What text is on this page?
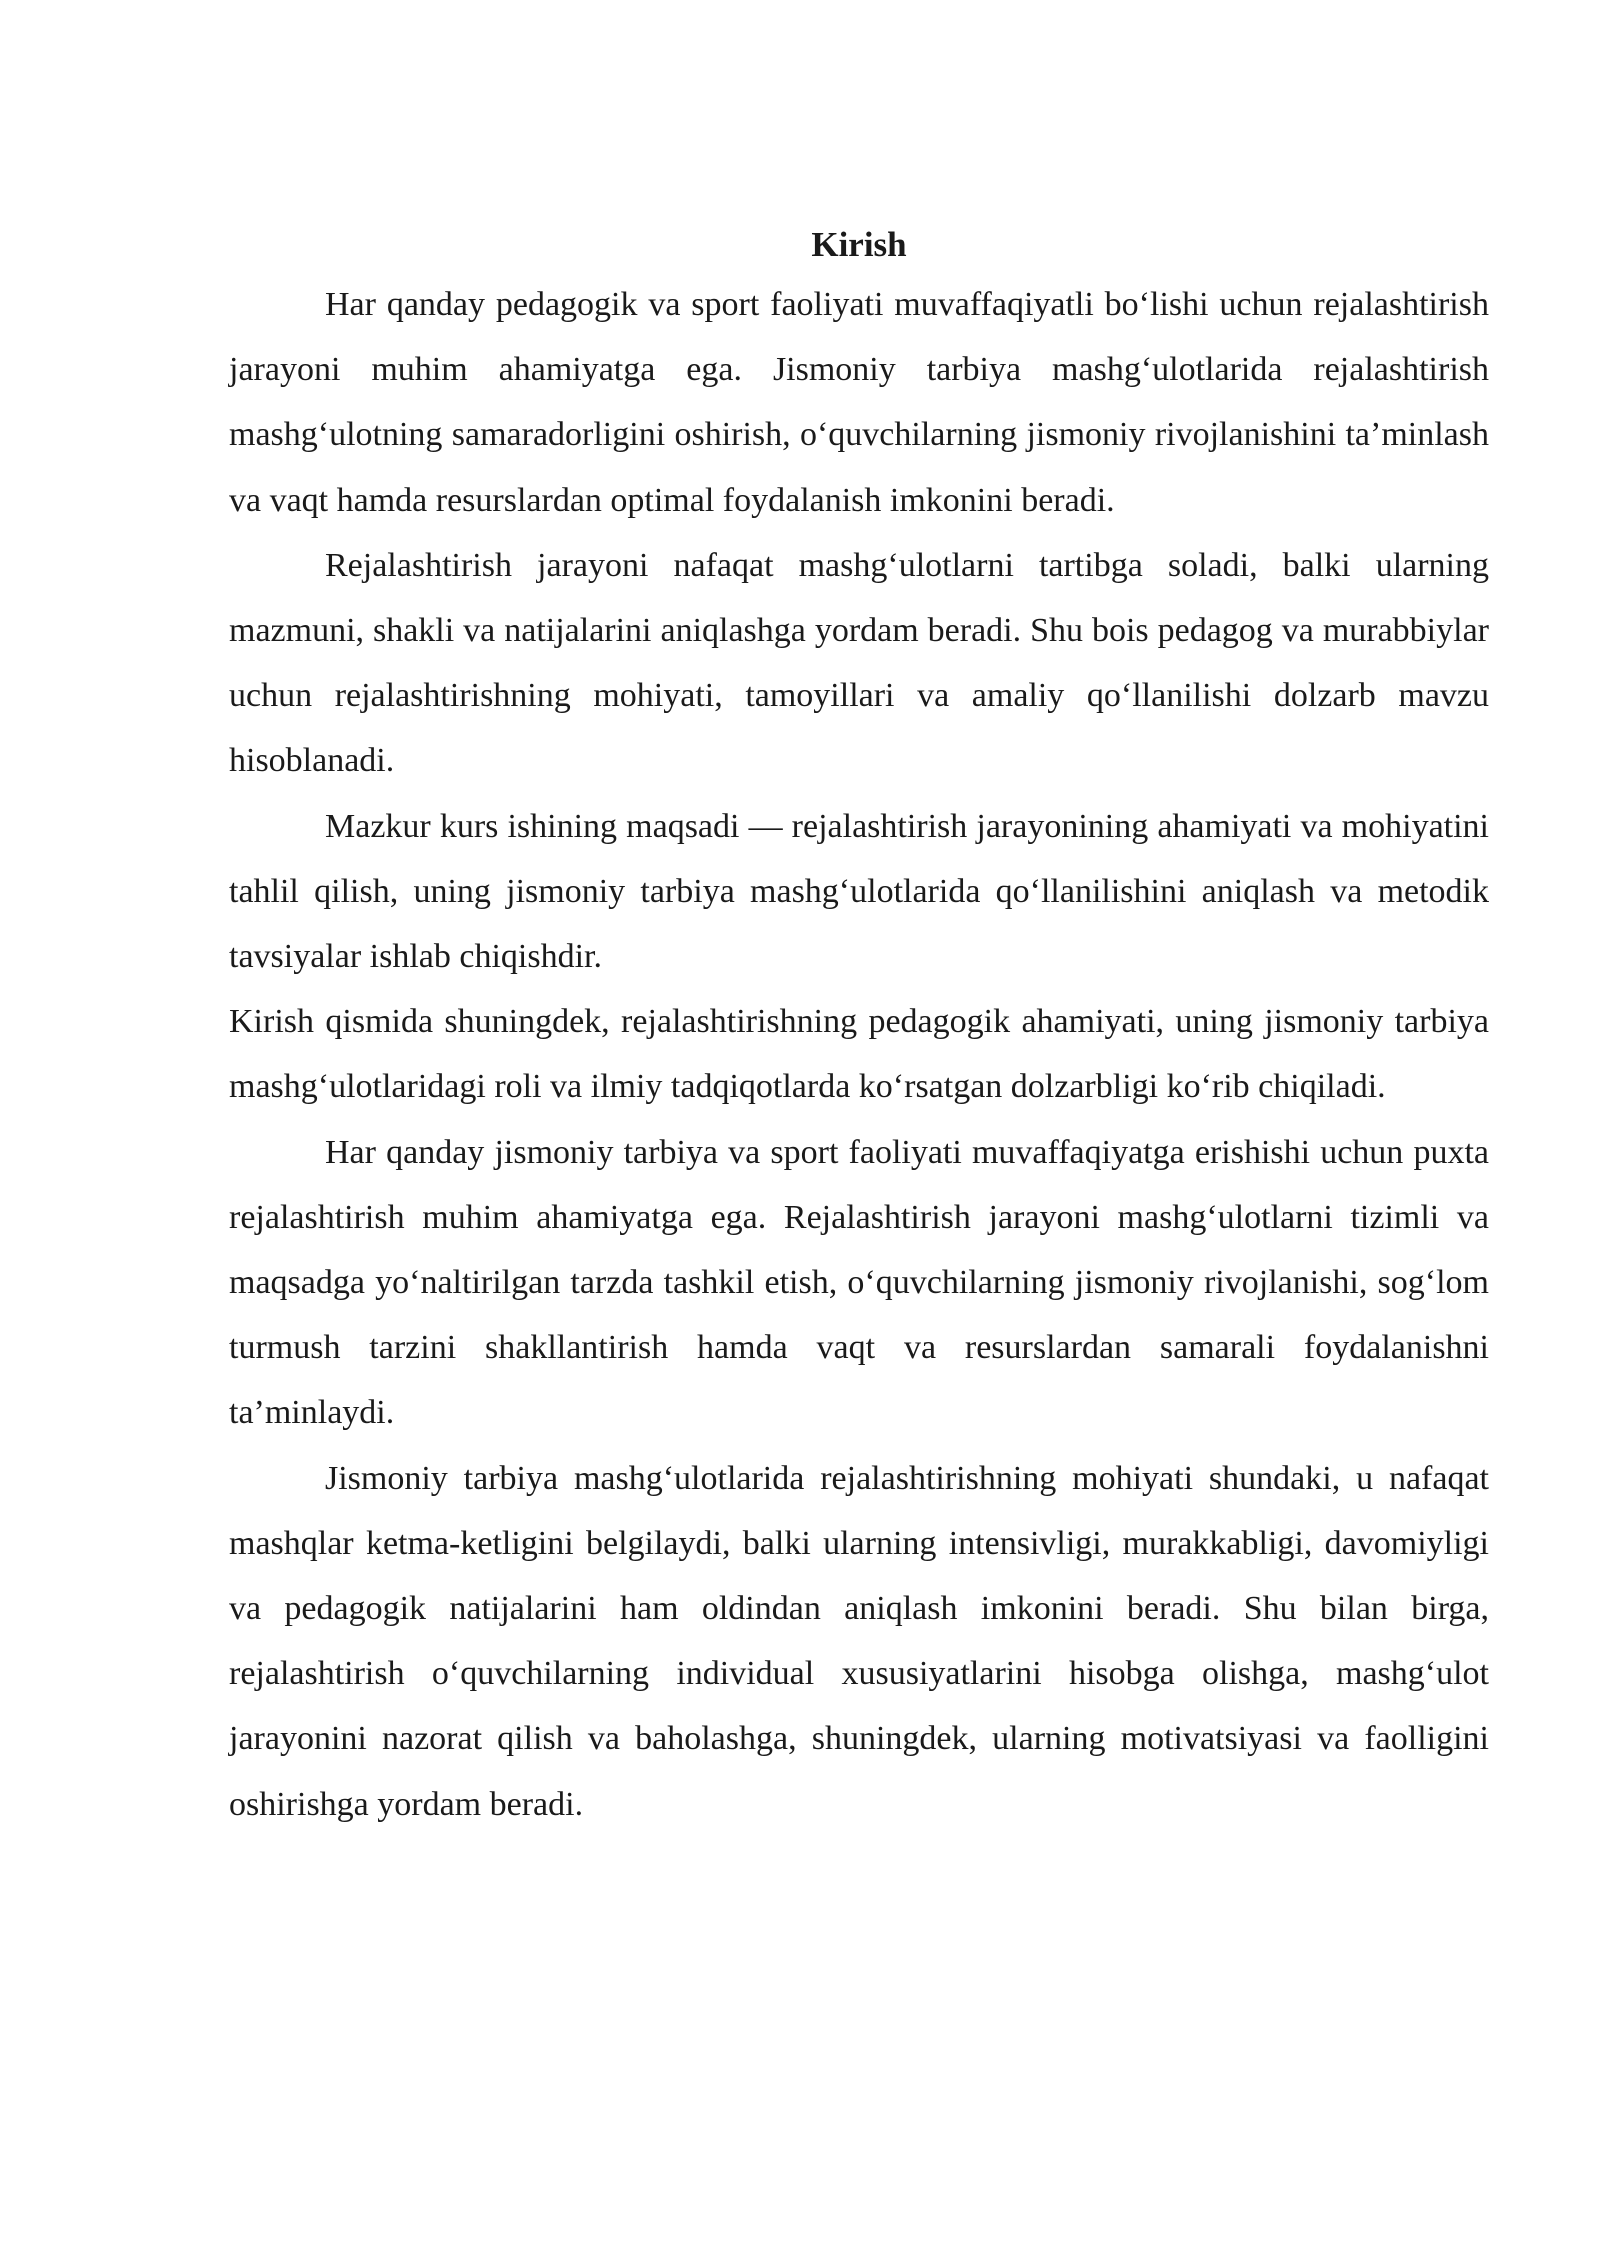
Kirish

Har qanday pedagogik va sport faoliyati muvaffaqiyatli bo‘lishi uchun rejalashtirish jarayoni muhim ahamiyatga ega. Jismoniy tarbiya mashg‘ulotlarida rejalashtirish mashg‘ulotning samaradorligini oshirish, o‘quvchilarning jismoniy rivojlanishini ta’minlash va vaqt hamda resurslardan optimal foydalanish imkonini beradi.

Rejalashtirish jarayoni nafaqat mashg‘ulotlarni tartibga soladi, balki ularning mazmuni, shakli va natijalarini aniqlashga yordam beradi. Shu bois pedagog va murabbiylar uchun rejalashtirishning mohiyati, tamoyillari va amaliy qo‘llanilishi dolzarb mavzu hisoblanadi.

Mazkur kurs ishining maqsadi — rejalashtirish jarayonining ahamiyati va mohiyatini tahlil qilish, uning jismoniy tarbiya mashg‘ulotlarida qo‘llanilishini aniqlash va metodik tavsiyalar ishlab chiqishdir.

Kirish qismida shuningdek, rejalashtirishning pedagogik ahamiyati, uning jismoniy tarbiya mashg‘ulotlaridagi roli va ilmiy tadqiqotlarda ko‘rsatgan dolzarbligi ko‘rib chiqiladi.

Har qanday jismoniy tarbiya va sport faoliyati muvaffaqiyatga erishishi uchun puxta rejalashtirish muhim ahamiyatga ega. Rejalashtirish jarayoni mashg‘ulotlarni tizimli va maqsadga yo‘naltirilgan tarzda tashkil etish, o‘quvchilarning jismoniy rivojlanishi, sog‘lom turmush tarzini shakllantirish hamda vaqt va resurslardan samarali foydalanishni ta’minlaydi.

Jismoniy tarbiya mashg‘ulotlarida rejalashtirishning mohiyati shundaki, u nafaqat mashqlar ketma-ketligini belgilaydi, balki ularning intensivligi, murakkabligi, davomiyligi va pedagogik natijalarini ham oldindan aniqlash imkonini beradi. Shu bilan birga, rejalashtirish o‘quvchilarning individual xususiyatlarini hisobga olishga, mashg‘ulot jarayonini nazorat qilish va baholashga, shuningdek, ularning motivatsiyasi va faolligini oshirishga yordam beradi.
